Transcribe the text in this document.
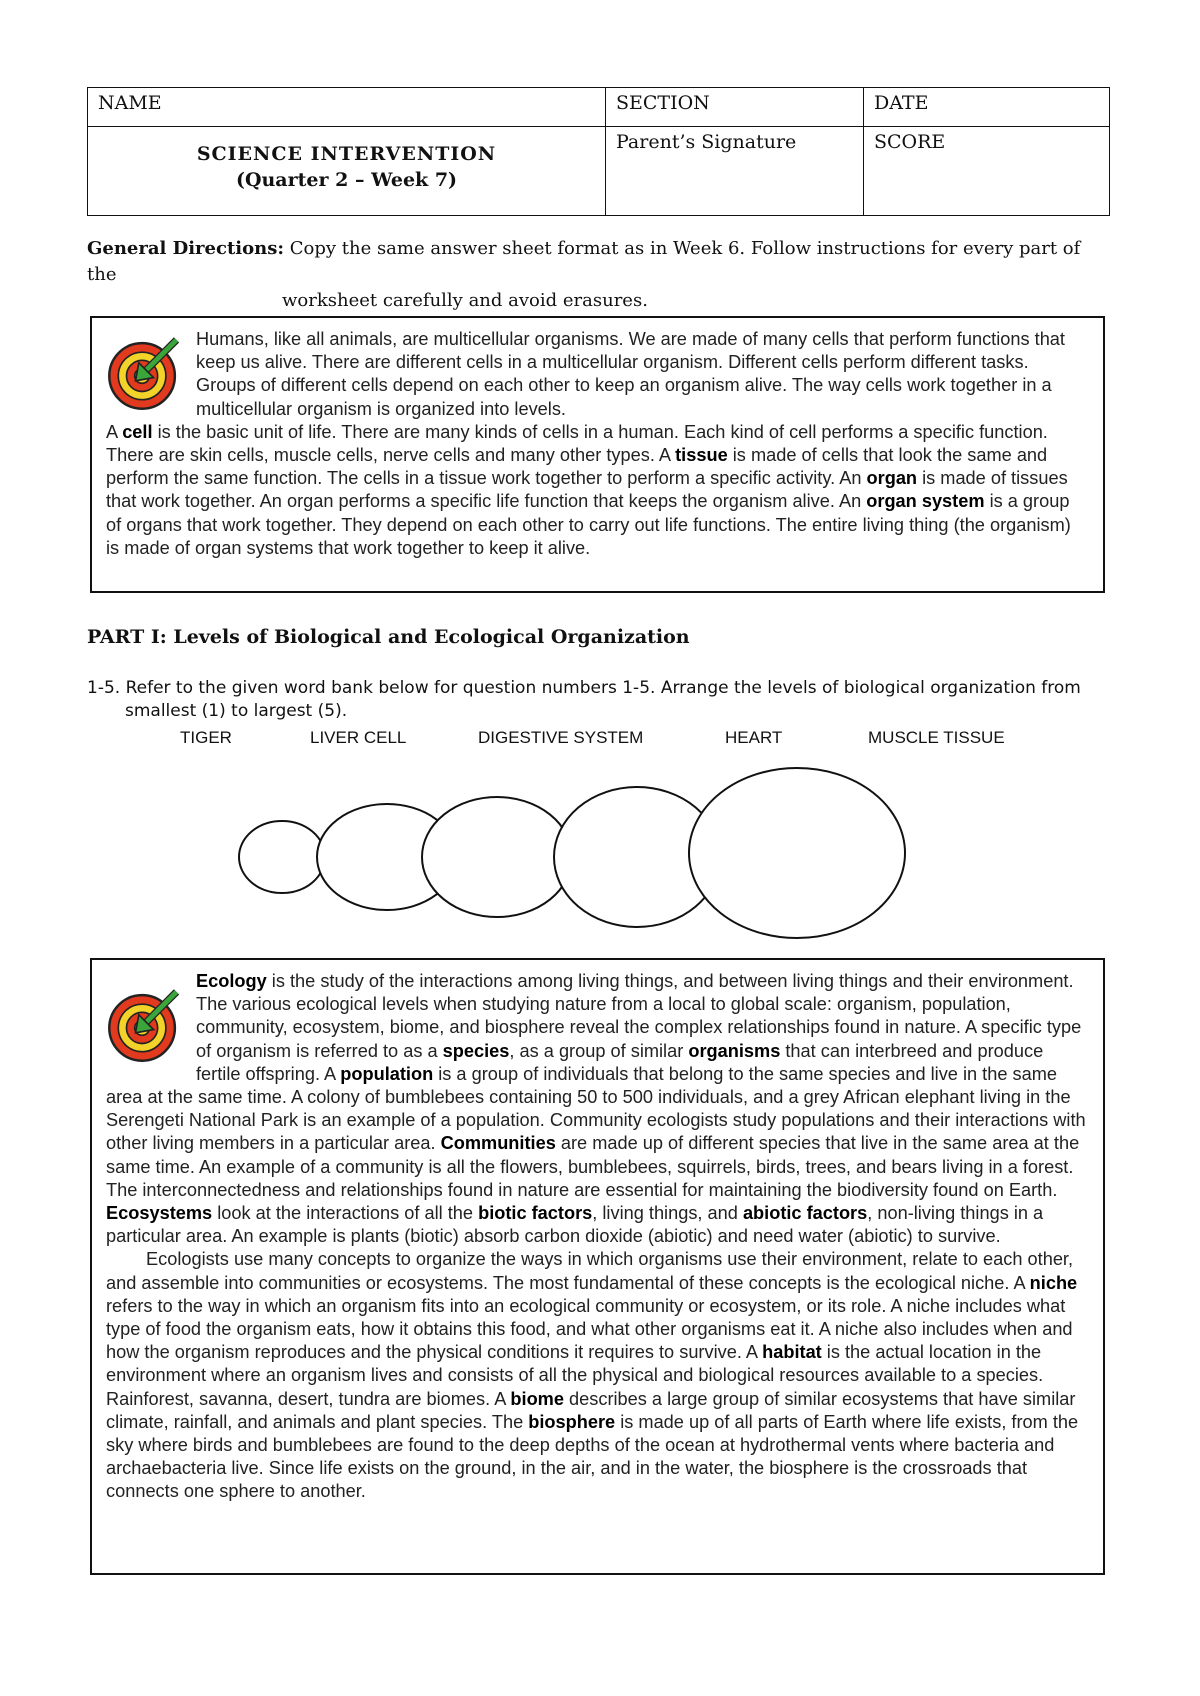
NAME	SECTION	DATE

SCIENCE INTERVENTION
(Quarter 2 – Week 7)	Parent’s Signature	SCORE
General Directions: Copy the same answer sheet format as in Week 6. Follow instructions for every part of the
worksheet carefully and avoid erasures.

Humans, like all animals, are multicellular organisms. We are made of many cells that perform functions that keep us alive. There are different cells in a multicellular organism. Different cells perform different tasks. Groups of different cells depend on each other to keep an organism alive. The way cells work together in a multicellular organism is organized into levels.

A cell is the basic unit of life. There are many kinds of cells in a human. Each kind of cell performs a specific function. There are skin cells, muscle cells, nerve cells and many other types. A tissue is made of cells that look the same and perform the same function. The cells in a tissue work together to perform a specific activity. An organ is made of tissues that work together. An organ performs a specific life function that keeps the organism alive. An organ system is a group of organs that work together. They depend on each other to carry out life functions. The entire living thing (the organism) is made of organ systems that work together to keep it alive.

PART I: Levels of Biological and Ecological Organization
1-5. Refer to the given word bank below for question numbers 1-5. Arrange the levels of biological organization from
smallest (1) to largest (5).
TIGER	LIVER CELL	DIGESTIVE SYSTEM	HEART	MUSCLE TISSUE

Ecology is the study of the interactions among living things, and between living things and their environment. The various ecological levels when studying nature from a local to global scale: organism, population, community, ecosystem, biome, and biosphere reveal the complex relationships found in nature. A specific type of organism is referred to as a species, as a group of similar organisms that can interbreed and produce fertile offspring. A population is a group of individuals that belong to the same species and live in the same area at the same time. A colony of bumblebees containing 50 to 500 individuals, and a grey African elephant living in the Serengeti National Park is an example of a population. Community ecologists study populations and their interactions with other living members in a particular area. Communities are made up of different species that live in the same area at the same time. An example of a community is all the flowers, bumblebees, squirrels, birds, trees, and bears living in a forest. The interconnectedness and relationships found in nature are essential for maintaining the biodiversity found on Earth. Ecosystems look at the interactions of all the biotic factors, living things, and abiotic factors, non-living things in a particular area. An example is plants (biotic) absorb carbon dioxide (abiotic) and need water (abiotic) to survive.

Ecologists use many concepts to organize the ways in which organisms use their environment, relate to each other, and assemble into communities or ecosystems. The most fundamental of these concepts is the ecological niche. A niche refers to the way in which an organism fits into an ecological community or ecosystem, or its role. A niche includes what type of food the organism eats, how it obtains this food, and what other organisms eat it. A niche also includes when and how the organism reproduces and the physical conditions it requires to survive. A habitat is the actual location in the environment where an organism lives and consists of all the physical and biological resources available to a species. Rainforest, savanna, desert, tundra are biomes. A biome describes a large group of similar ecosystems that have similar climate, rainfall, and animals and plant species. The biosphere is made up of all parts of Earth where life exists, from the sky where birds and bumblebees are found to the deep depths of the ocean at hydrothermal vents where bacteria and archaebacteria live. Since life exists on the ground, in the air, and in the water, the biosphere is the crossroads that connects one sphere to another.
